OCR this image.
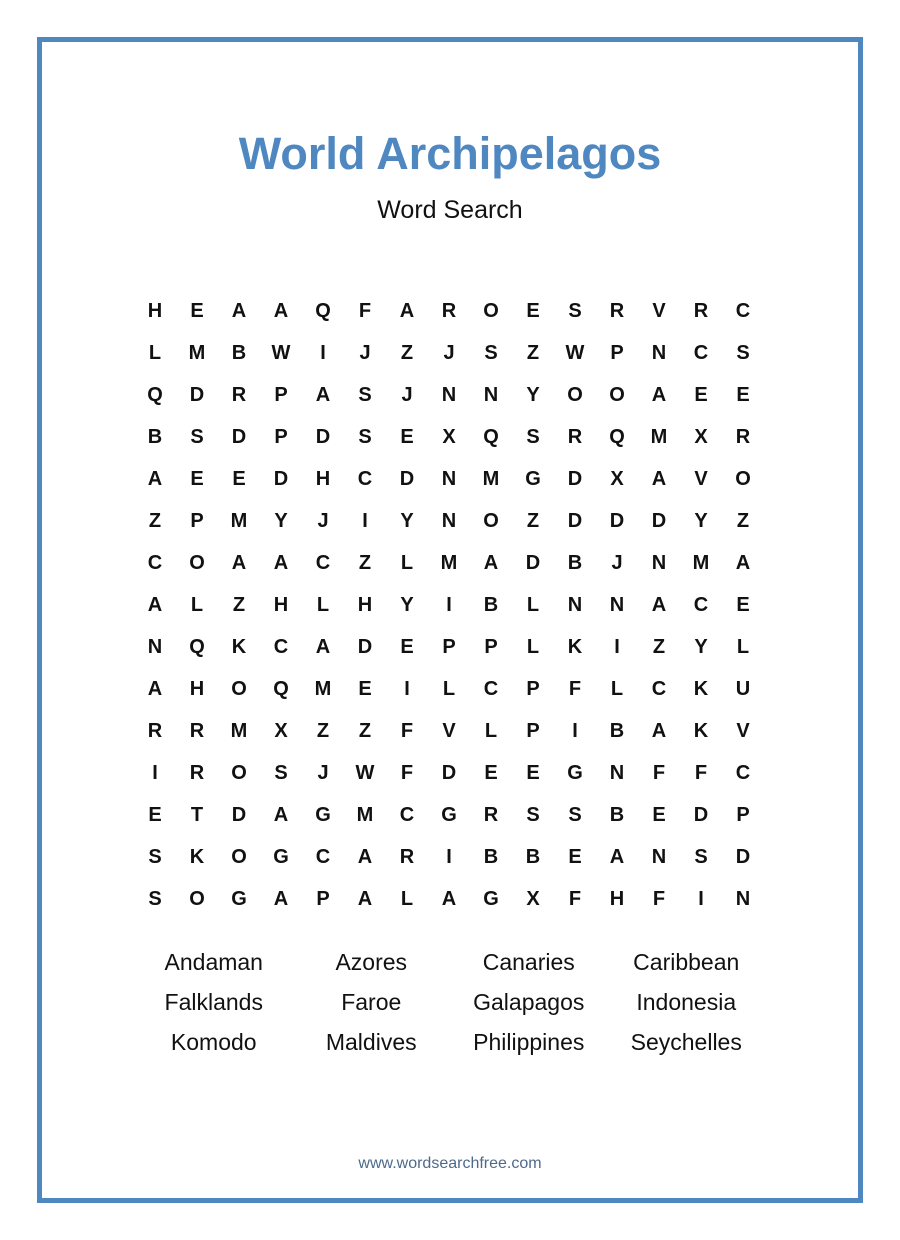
World Archipelagos
Word Search
H	E	A	A	Q	F	A	R	O	E	S	R	V	R	C
L	M	B	W	I	J	Z	J	S	Z	W	P	N	C	S
Q	D	R	P	A	S	J	N	N	Y	O	O	A	E	E
B	S	D	P	D	S	E	X	Q	S	R	Q	M	X	R
A	E	E	D	H	C	D	N	M	G	D	X	A	V	O
Z	P	M	Y	J	I	Y	N	O	Z	D	D	D	Y	Z
C	O	A	A	C	Z	L	M	A	D	B	J	N	M	A
A	L	Z	H	L	H	Y	I	B	L	N	N	A	C	E
N	Q	K	C	A	D	E	P	P	L	K	I	Z	Y	L
A	H	O	Q	M	E	I	L	C	P	F	L	C	K	U
R	R	M	X	Z	Z	F	V	L	P	I	B	A	K	V
I	R	O	S	J	W	F	D	E	E	G	N	F	F	C
E	T	D	A	G	M	C	G	R	S	S	B	E	D	P
S	K	O	G	C	A	R	I	B	B	E	A	N	S	D
S	O	G	A	P	A	L	A	G	X	F	H	F	I	N
Andaman	Azores	Canaries	Caribbean
Falklands	Faroe	Galapagos	Indonesia
Komodo	Maldives	Philippines	Seychelles
www.wordsearchfree.com
